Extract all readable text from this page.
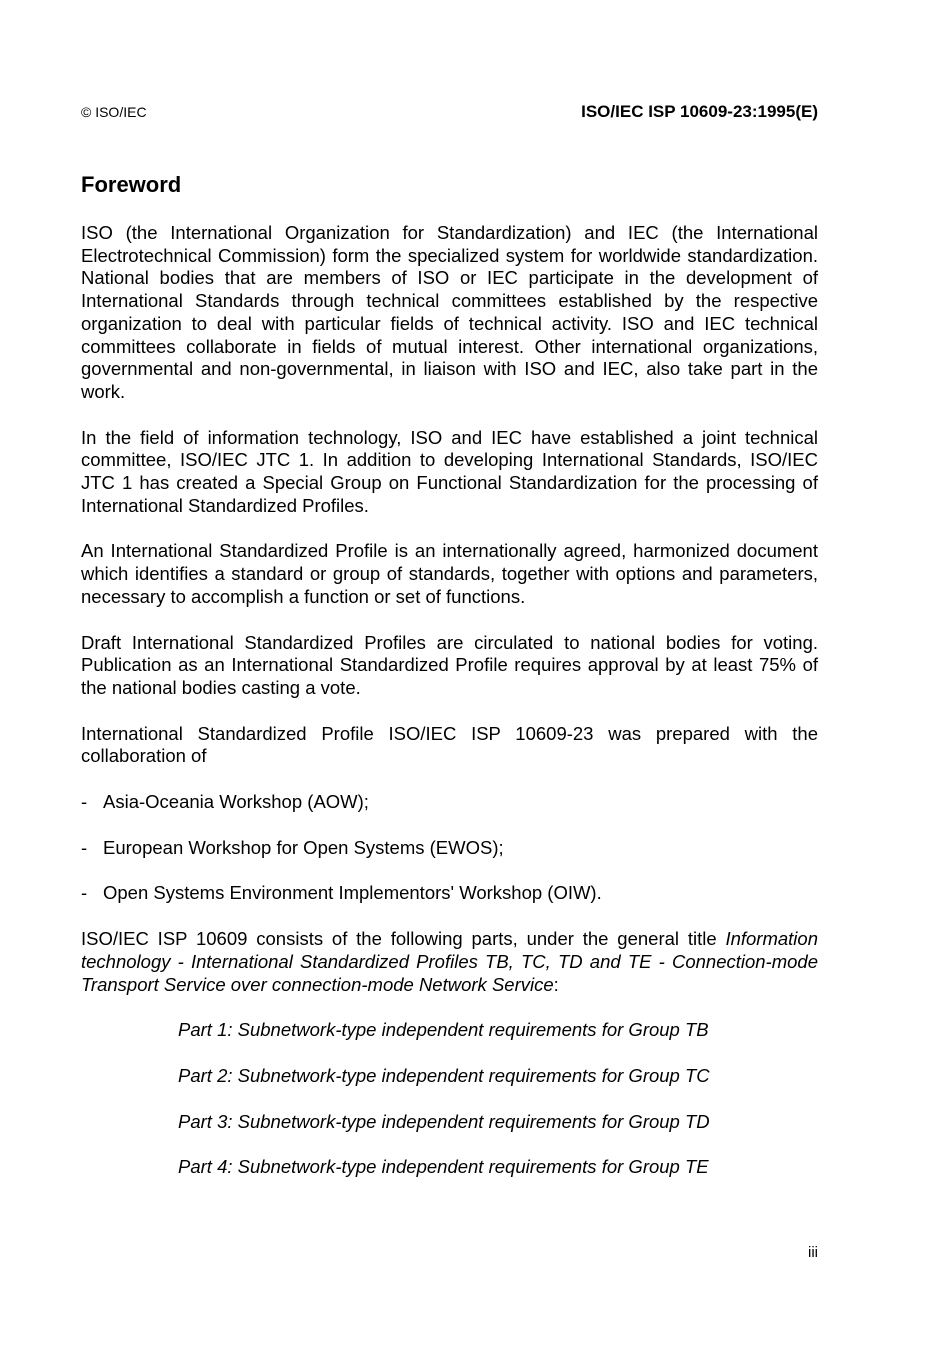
© ISO/IEC	ISO/IEC ISP 10609-23:1995(E)
Foreword

ISO (the International Organization for Standardization) and IEC (the International Electrotechnical Commission) form the specialized system for worldwide standardization. National bodies that are members of ISO or IEC participate in the development of International Standards through technical committees established by the respective organization to deal with particular fields of technical activity. ISO and IEC technical committees collaborate in fields of mutual interest. Other international organizations, governmental and non-governmental, in liaison with ISO and IEC, also take part in the work.

In the field of information technology, ISO and IEC have established a joint technical committee, ISO/IEC JTC 1. In addition to developing International Standards, ISO/IEC JTC 1 has created a Special Group on Functional Standardization for the processing of International Standardized Profiles.

An International Standardized Profile is an internationally agreed, harmonized document which identifies a standard or group of standards, together with options and parameters, necessary to accomplish a function or set of functions.

Draft International Standardized Profiles are circulated to national bodies for voting. Publication as an International Standardized Profile requires approval by at least 75% of the national bodies casting a vote.

International Standardized Profile ISO/IEC ISP 10609-23 was prepared with the collaboration of

- Asia-Oceania Workshop (AOW);
- European Workshop for Open Systems (EWOS);
- Open Systems Environment Implementors' Workshop (OIW).

ISO/IEC ISP 10609 consists of the following parts, under the general title Information technology - International Standardized Profiles TB, TC, TD and TE - Connection-mode Transport Service over connection-mode Network Service:

Part 1: Subnetwork-type independent requirements for Group TB

Part 2: Subnetwork-type independent requirements for Group TC

Part 3: Subnetwork-type independent requirements for Group TD

Part 4: Subnetwork-type independent requirements for Group TE

iii
